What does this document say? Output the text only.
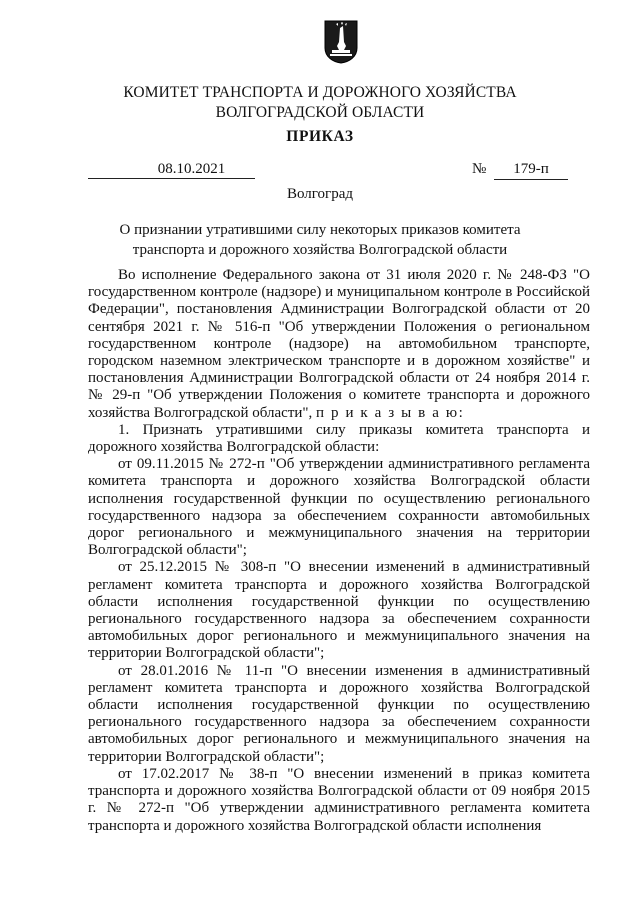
КОМИТЕТ ТРАНСПОРТА И ДОРОЖНОГО ХОЗЯЙСТВА
ВОЛГОГРАДСКОЙ ОБЛАСТИ
ПРИКАЗ
08.10.2021	№	179-п
Волгоград
О признании утратившими силу некоторых приказов комитета
транспорта и дорожного хозяйства Волгоградской области

Во исполнение Федерального закона от 31 июля 2020 г. № 248-ФЗ "О государственном контроле (надзоре) и муниципальном контроле в Российской Федерации", постановления Администрации Волгоградской области от 20 сентября 2021 г. № 516-п "Об утверждении Положения о региональном государственном контроле (надзоре) на автомобильном транспорте, городском наземном электрическом транспорте и в дорожном хозяйстве" и постановления Администрации Волгоградской области от 24 ноября 2014 г. № 29-п "Об утверждении Положения о комитете транспорта и дорожного хозяйства Волгоградской области", п р и к а з ы в а ю:

1. Признать утратившими силу приказы комитета транспорта и дорожного хозяйства Волгоградской области:

от 09.11.2015 № 272-п "Об утверждении административного регламента комитета транспорта и дорожного хозяйства Волгоградской области исполнения государственной функции по осуществлению регионального государственного надзора за обеспечением сохранности автомобильных дорог регионального и межмуниципального значения на территории Волгоградской области";

от 25.12.2015 № 308-п "О внесении изменений в административный регламент комитета транспорта и дорожного хозяйства Волгоградской области исполнения государственной функции по осуществлению регионального государственного надзора за обеспечением сохранности автомобильных дорог регионального и межмуниципального значения на территории Волгоградской области";

от 28.01.2016 № 11-п "О внесении изменения в административный регламент комитета транспорта и дорожного хозяйства Волгоградской области исполнения государственной функции по осуществлению регионального государственного надзора за обеспечением сохранности автомобильных дорог регионального и межмуниципального значения на территории Волгоградской области";

от 17.02.2017 № 38-п "О внесении изменений в приказ комитета транспорта и дорожного хозяйства Волгоградской области от 09 ноября 2015 г. № 272-п "Об утверждении административного регламента комитета транспорта и дорожного хозяйства Волгоградской области исполнения
